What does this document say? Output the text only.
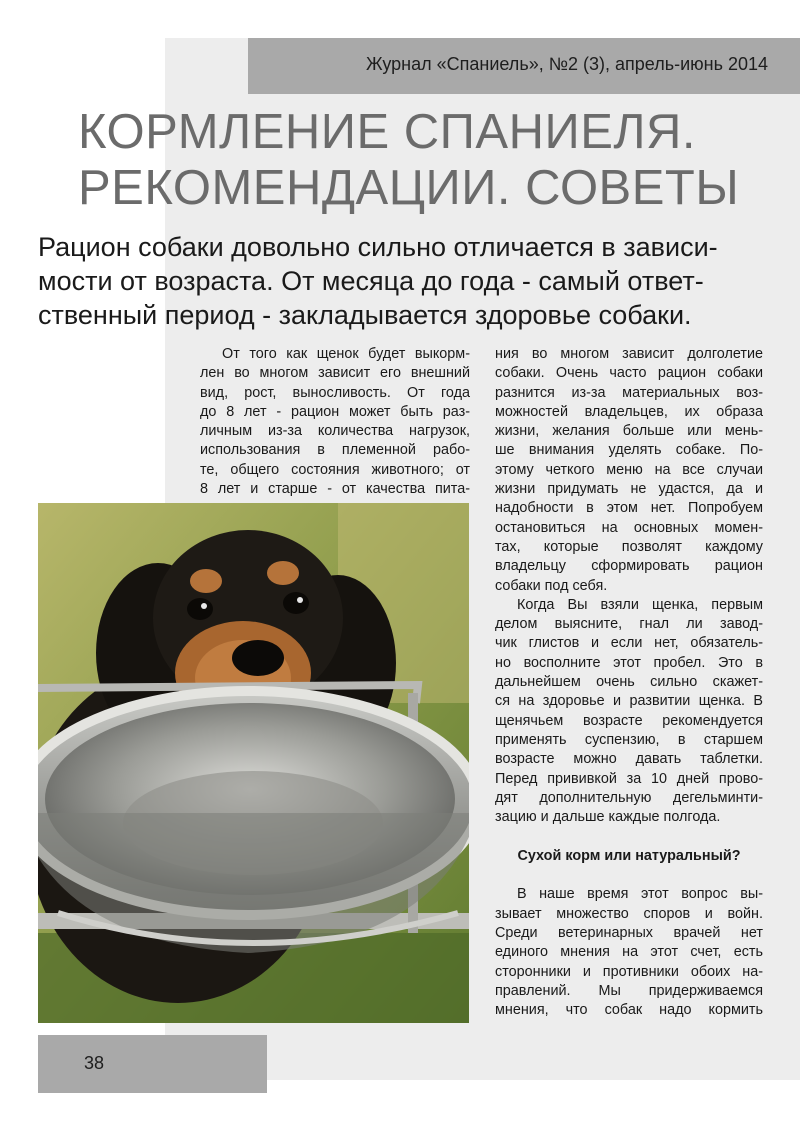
Журнал «Спаниель», №2 (3), апрель-июнь 2014
КОРМЛЕНИЕ СПАНИЕЛЯ.
РЕКОМЕНДАЦИИ. СОВЕТЫ
Рацион собаки довольно сильно отличается в зависи-
мости от возраста. От месяца до года - самый ответ-
ственный период - закладывается здоровье собаки.
От того как щенок будет выкорм-
лен во многом зависит его внешний
вид, рост, выносливость. От года
до 8 лет - рацион может быть раз-
личным из-за количества нагрузок,
использования в племенной рабо-
те, общего состояния животного; от
8 лет и старше - от качества пита-
ния во многом зависит долголетие
собаки. Очень часто рацион собаки
разнится из-за материальных воз-
можностей владельцев, их образа
жизни, желания больше или мень-
ше внимания уделять собаке. По-
этому четкого меню на все случаи
жизни придумать не удастся, да и
надобности в этом нет. Попробуем
остановиться на основных момен-
тах, которые позволят каждому
владельцу сформировать рацион
собаки под себя.
Когда Вы взяли щенка, первым
делом выясните, гнал ли завод-
чик глистов и если нет, обязатель-
но восполните этот пробел. Это в
дальнейшем очень сильно скажет-
ся на здоровье и развитии щенка. В
щенячьем возрасте рекомендуется
применять суспензию, в старшем
возрасте можно давать таблетки.
Перед прививкой за 10 дней прово-
дят дополнительную дегельминти-
зацию и дальше каждые полгода.
Сухой корм или натуральный?
В наше время этот вопрос вы-
зывает множество споров и войн.
Среди ветеринарных врачей нет
единого мнения на этот счет, есть
сторонники и противники обоих на-
правлений. Мы придерживаемся
мнения, что собак надо кормить
38
